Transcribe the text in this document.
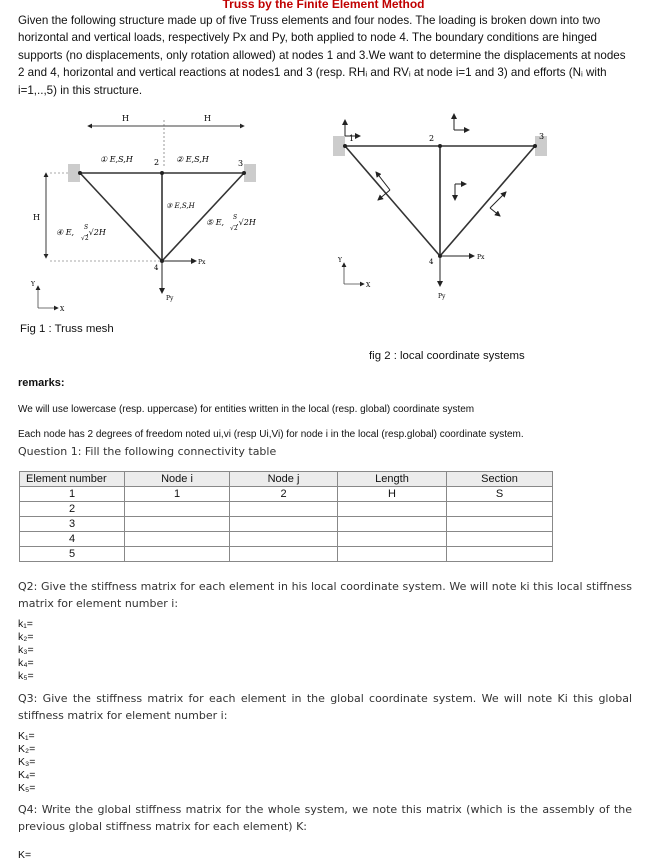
Truss by the Finite Element Method
Given the following structure made up of five Truss elements and four nodes. The loading is broken down into two horizontal and vertical loads, respectively Px and Py, both applied to node 4. The boundary conditions are hinged supports (no displacements, only rotation allowed) at nodes 1 and 3.We want to determine the displacements at nodes 2 and 4, horizontal and vertical reactions at nodes1 and 3 (resp. RHᵢ and RVᵢ at node i=1 and 3) and efforts (Nᵢ with i=1,..,5) in this structure.
H	H
H
① E,S,H	② E,S,H
③ E,S,H
④ E, ,√2H
S
√2
⑤ E, ,√2H
S
√2
2	3
4
Px
Py
Y
X
Fig 1 : Truss mesh
1	2	3
4
Px
Py
Y
X
fig 2 : local coordinate systems
remarks:
We will use lowercase (resp. uppercase) for entities written in the local (resp. global) coordinate system
Each node has 2 degrees of freedom noted ui,vi (resp Ui,Vi) for node i in the local (resp.global) coordinate system.
Question 1: Fill the following connectivity table
Element number	Node i	Node j	Length	Section
1	1	2	H	S
2				
3				
4				
5				
Q2: Give the stiffness matrix for each element in his local coordinate system. We will note ki this local stiffness matrix for element number i:
k₁=
k₂=
k₃=
k₄=
k₅=
Q3: Give the stiffness matrix for each element in the global coordinate system. We will note Ki this global stiffness matrix for element number i:
K₁=
K₂=
K₃=
K₄=
K₅=
Q4: Write the global stiffness matrix for the whole system, we note this matrix (which is the assembly of the previous global stiffness matrix for each element) K:
K=
